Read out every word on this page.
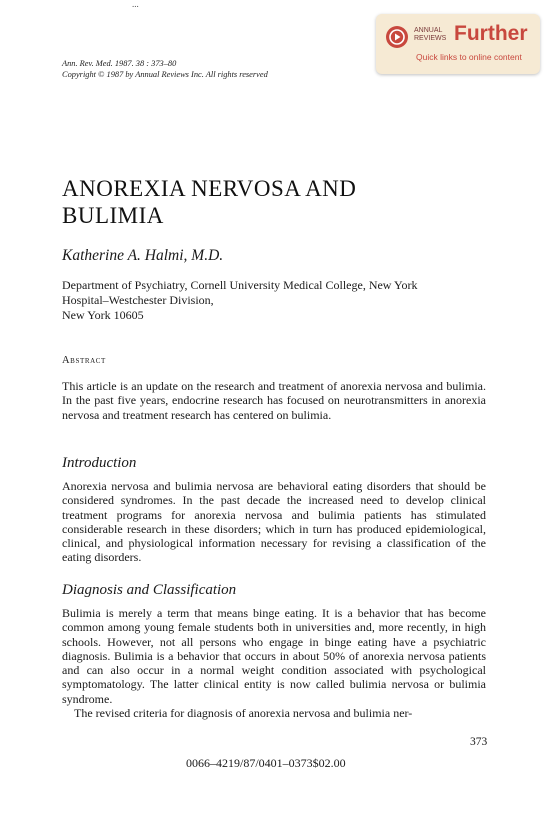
...
Ann. Rev. Med. 1987. 38 : 373–80
Copyright © 1987 by Annual Reviews Inc. All rights reserved
ANNUAL
REVIEWS Further
Quick links to online content
ANOREXIA NERVOSA AND
BULIMIA
Katherine A. Halmi, M.D.
Department of Psychiatry, Cornell University Medical College, New York
Hospital–Westchester Division,
New York 10605
Abstract

This article is an update on the research and treatment of anorexia nervosa and bulimia. In the past five years, endocrine research has focused on neurotransmitters in anorexia nervosa and treatment research has centered on bulimia.

Introduction

Anorexia nervosa and bulimia nervosa are behavioral eating disorders that should be considered syndromes. In the past decade the increased need to develop clinical treatment programs for anorexia nervosa and bulimia patients has stimulated considerable research in these disorders; which in turn has produced epidemiological, clinical, and physiological information necessary for revising a classification of the eating disorders.

Diagnosis and Classification

Bulimia is merely a term that means binge eating. It is a behavior that has become common among young female students both in universities and, more recently, in high schools. However, not all persons who engage in binge eating have a psychiatric diagnosis. Bulimia is a behavior that occurs in about 50% of anorexia nervosa patients and can also occur in a normal weight condition associated with psychological symptomatology. The latter clinical entity is now called bulimia nervosa or bulimia syndrome.

The revised criteria for diagnosis of anorexia nervosa and bulimia ner-

373
0066–4219/87/0401–0373$02.00
